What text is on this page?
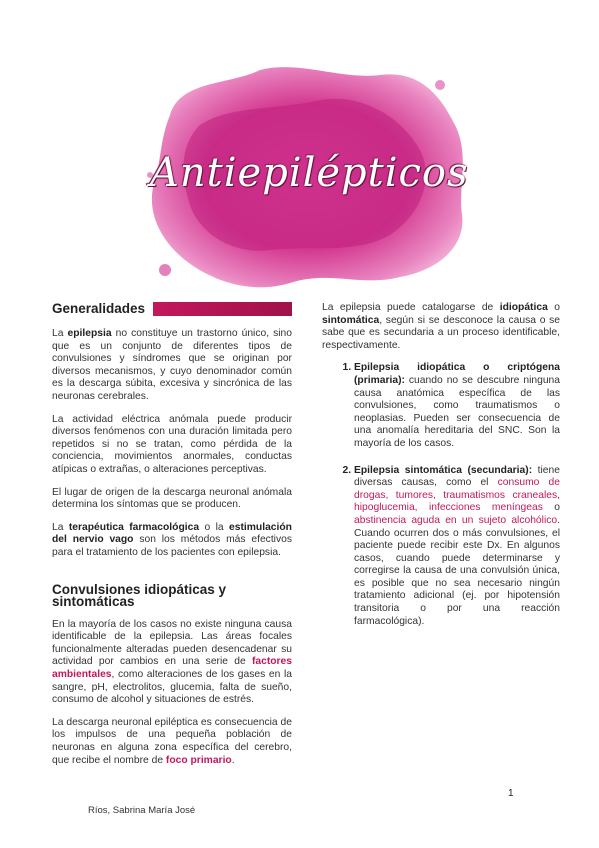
Antiepilépticos
Generalidades

La epilepsia no constituye un trastorno único, sino que es un conjunto de diferentes tipos de convulsiones y síndromes que se originan por diversos mecanismos, y cuyo denominador común es la descarga súbita, excesiva y sincrónica de las neuronas cerebrales.

La actividad eléctrica anómala puede producir diversos fenómenos con una duración limitada pero repetidos si no se tratan, como pérdida de la conciencia, movimientos anormales, conductas atípicas o extrañas, o alteraciones perceptivas.

El lugar de origen de la descarga neuronal anómala determina los síntomas que se producen.

La terapéutica farmacológica o la estimulación del nervio vago son los métodos más efectivos para el tratamiento de los pacientes con epilepsia.

Convulsiones idiopáticas y sintomáticas

En la mayoría de los casos no existe ninguna causa identificable de la epilepsia. Las áreas focales funcionalmente alteradas pueden desencadenar su actividad por cambios en una serie de factores ambientales, como alteraciones de los gases en la sangre, pH, electrolitos, glucemia, falta de sueño, consumo de alcohol y situaciones de estrés.

La descarga neuronal epiléptica es consecuencia de los impulsos de una pequeña población de neuronas en alguna zona específica del cerebro, que recibe el nombre de foco primario.

La epilepsia puede catalogarse de idiopática o sintomática, según si se desconoce la causa o se sabe que es secundaria a un proceso identificable, respectivamente.

1. Epilepsia idiopática o criptógena (primaria): cuando no se descubre ninguna causa anatómica específica de las convulsiones, como traumatismos o neoplasias. Pueden ser consecuencia de una anomalía hereditaria del SNC. Son la mayoría de los casos.
2. Epilepsia sintomática (secundaria): tiene diversas causas, como el consumo de drogas, tumores, traumatismos craneales, hipoglucemia, infecciones meníngeas o abstinencia aguda en un sujeto alcohólico. Cuando ocurren dos o más convulsiones, el paciente puede recibir este Dx. En algunos casos, cuando puede determinarse y corregirse la causa de una convulsión única, es posible que no sea necesario ningún tratamiento adicional (ej. por hipotensión transitoria o por una reacción farmacológica).
1
Ríos, Sabrina María José
